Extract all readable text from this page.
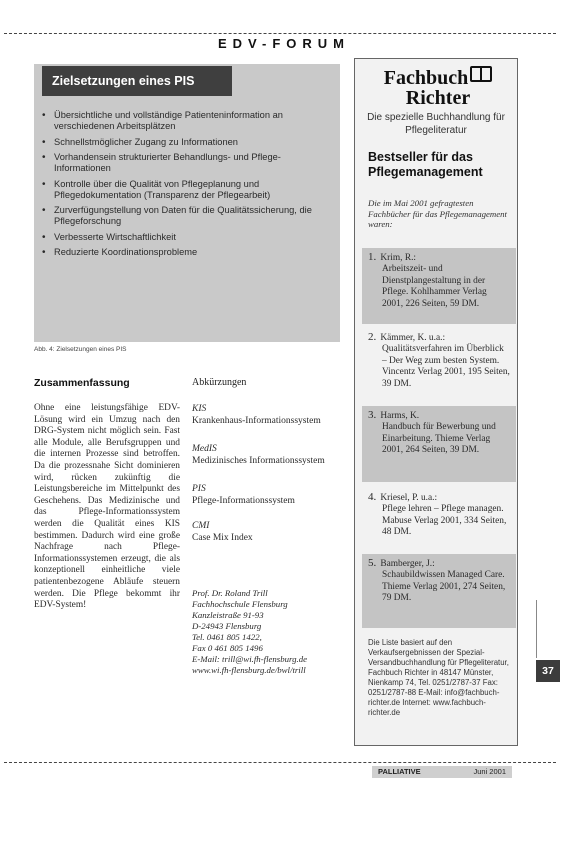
EDV-FORUM
Zielsetzungen eines PIS
• Übersichtliche und vollständige Patienteninformation an verschiedenen Arbeitsplätzen
• Schnellstmöglicher Zugang zu Informationen
• Vorhandensein strukturierter Behandlungs- und Pflege-Informationen
• Kontrolle über die Qualität von Pflegeplanung und Pflegedokumentation (Transparenz der Pflegearbeit)
• Zurverfügungstellung von Daten für die Qualitätssicherung, die Pflegeforschung
• Verbesserte Wirtschaftlichkeit
• Reduzierte Koordinationsprobleme
Abb. 4: Zielsetzungen eines PIS
Zusammenfassung
Ohne eine leistungsfähige EDV-Lösung wird ein Umzug nach den DRG-System nicht möglich sein. Fast alle Module, alle Berufsgruppen und die internen Prozesse sind betroffen. Da die prozessnahe Sicht dominieren wird, rücken zukünftig die Leistungsbereiche im Mittelpunkt des Geschehens. Das Medizinische und das Pflege-Informationssystem werden die Qualität eines KIS bestimmen. Dadurch wird eine große Nachfrage nach Pflege-Informationssystemen erzeugt, die als konzeptionell einheitliche viele patientenbezogene Abläufe steuern werden. Die Pflege bekommt ihr EDV-System!
Abkürzungen
KIS
Krankenhaus-Informationssystem
MedIS
Medizinisches Informationssystem
PIS
Pflege-Informationssystem
CMI
Case Mix Index
Prof. Dr. Roland Trill
Fachhochschule Flensburg
Kanzleistraße 91-93
D-24943 Flensburg
Tel. 0461 805 1422,
Fax 0 461 805 1496
E-Mail: trill@wi.fh-flensburg.de
www.wi.fh-flensburg.de/bwl/trill
Fachbuch
Richter
Die spezielle Buchhandlung für Pflegeliteratur
Bestseller für das Pflegemanagement
Die im Mai 2001 gefragtesten Fachbücher für das Pflegemanagement waren:
1. Krim, R.:
Arbeitszeit- und Dienstplangestaltung in der Pflege. Kohlhammer Verlag 2001, 226 Seiten, 59 DM.
2. Kämmer, K. u.a.:
Qualitätsverfahren im Überblick – Der Weg zum besten System. Vincentz Verlag 2001, 195 Seiten, 39 DM.
3. Harms, K.
Handbuch für Bewerbung und Einarbeitung. Thieme Verlag 2001, 264 Seiten, 39 DM.
4. Kriesel, P. u.a.:
Pflege lehren – Pflege managen. Mabuse Verlag 2001, 334 Seiten, 48 DM.
5. Bamberger, J.:
Schaubildwissen Managed Care. Thieme Verlag 2001, 274 Seiten, 79 DM.
Die Liste basiert auf den Verkaufsergebnissen der Spezial-Versandbuchhandlung für Pflegeliteratur, Fachbuch Richter in 48147 Münster, Nienkamp 74, Tel. 0251/2787-37 Fax: 0251/2787-88 E-Mail: info@fachbuch-richter.de Internet: www.fachbuch-richter.de
37
PALLIATIVE	Juni 2001
